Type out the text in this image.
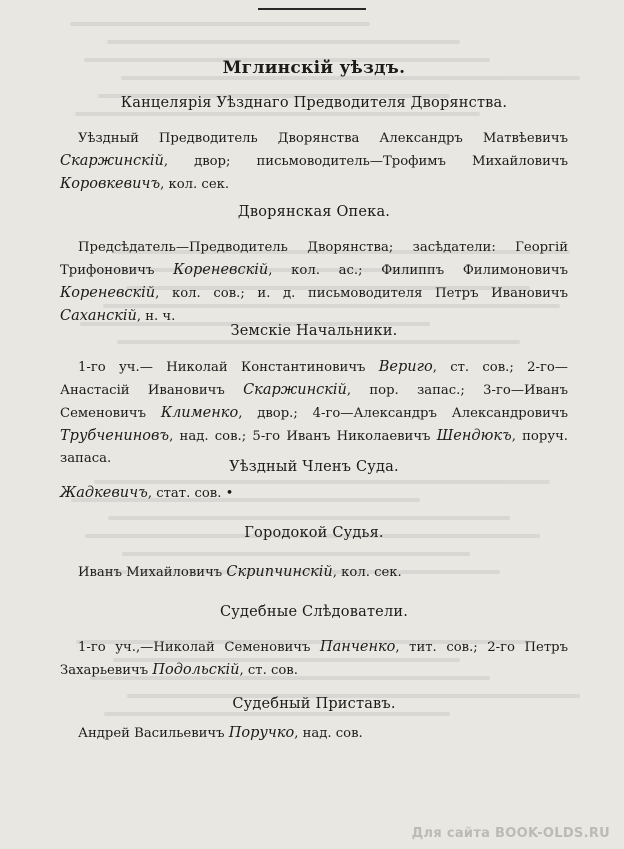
Мглинскiй уѣздъ.
Канцелярiя Уѣзднаго Предводителя Дворянства.
Уѣздный Предводитель Дворянства Александръ Матвѣевичъ Скаржинскiй, двор; письмоводитель—Трофимъ Михайловичъ Коровкевичъ, кол. сек.
Дворянская Опека.
Предсѣдатель—Предводитель Дворянства; засѣдатели: Георгiй Трифоновичъ Кореневскiй, кол. ас.; Филиппъ Филимоновичъ Кореневскiй, кол. сов.; и. д. письмоводителя Петръ Ивановичъ Саханскiй, н. ч.
Земскiе Начальники.
1-го уч.— Николай Константиновичъ Вериго, ст. сов.; 2-го—Анастасiй Ивановичъ Скаржинскiй, пор. запас.; 3-го—Иванъ Семеновичъ Клименко, двор.; 4-го—Александръ Александровичъ Трубчениновъ, над. сов.; 5-го Иванъ Николаевичъ Шендюкъ, поруч. запаса.
Уѣздный Членъ Суда.
Жадкевичъ, стат. сов. •
Городокой Судья.
Иванъ Михайловичъ Скрипчинскiй, кол. сек.
Судебные Слѣдователи.
1-го уч.,—Николай Семеновичъ Панченко, тит. сов.; 2-го Петръ Захарьевичъ Подольскiй, ст. сов.
Судебный Приставъ.
Андрей Васильевичъ Поручко, над. сов.
Для сайта BOOK-OLDS.RU
